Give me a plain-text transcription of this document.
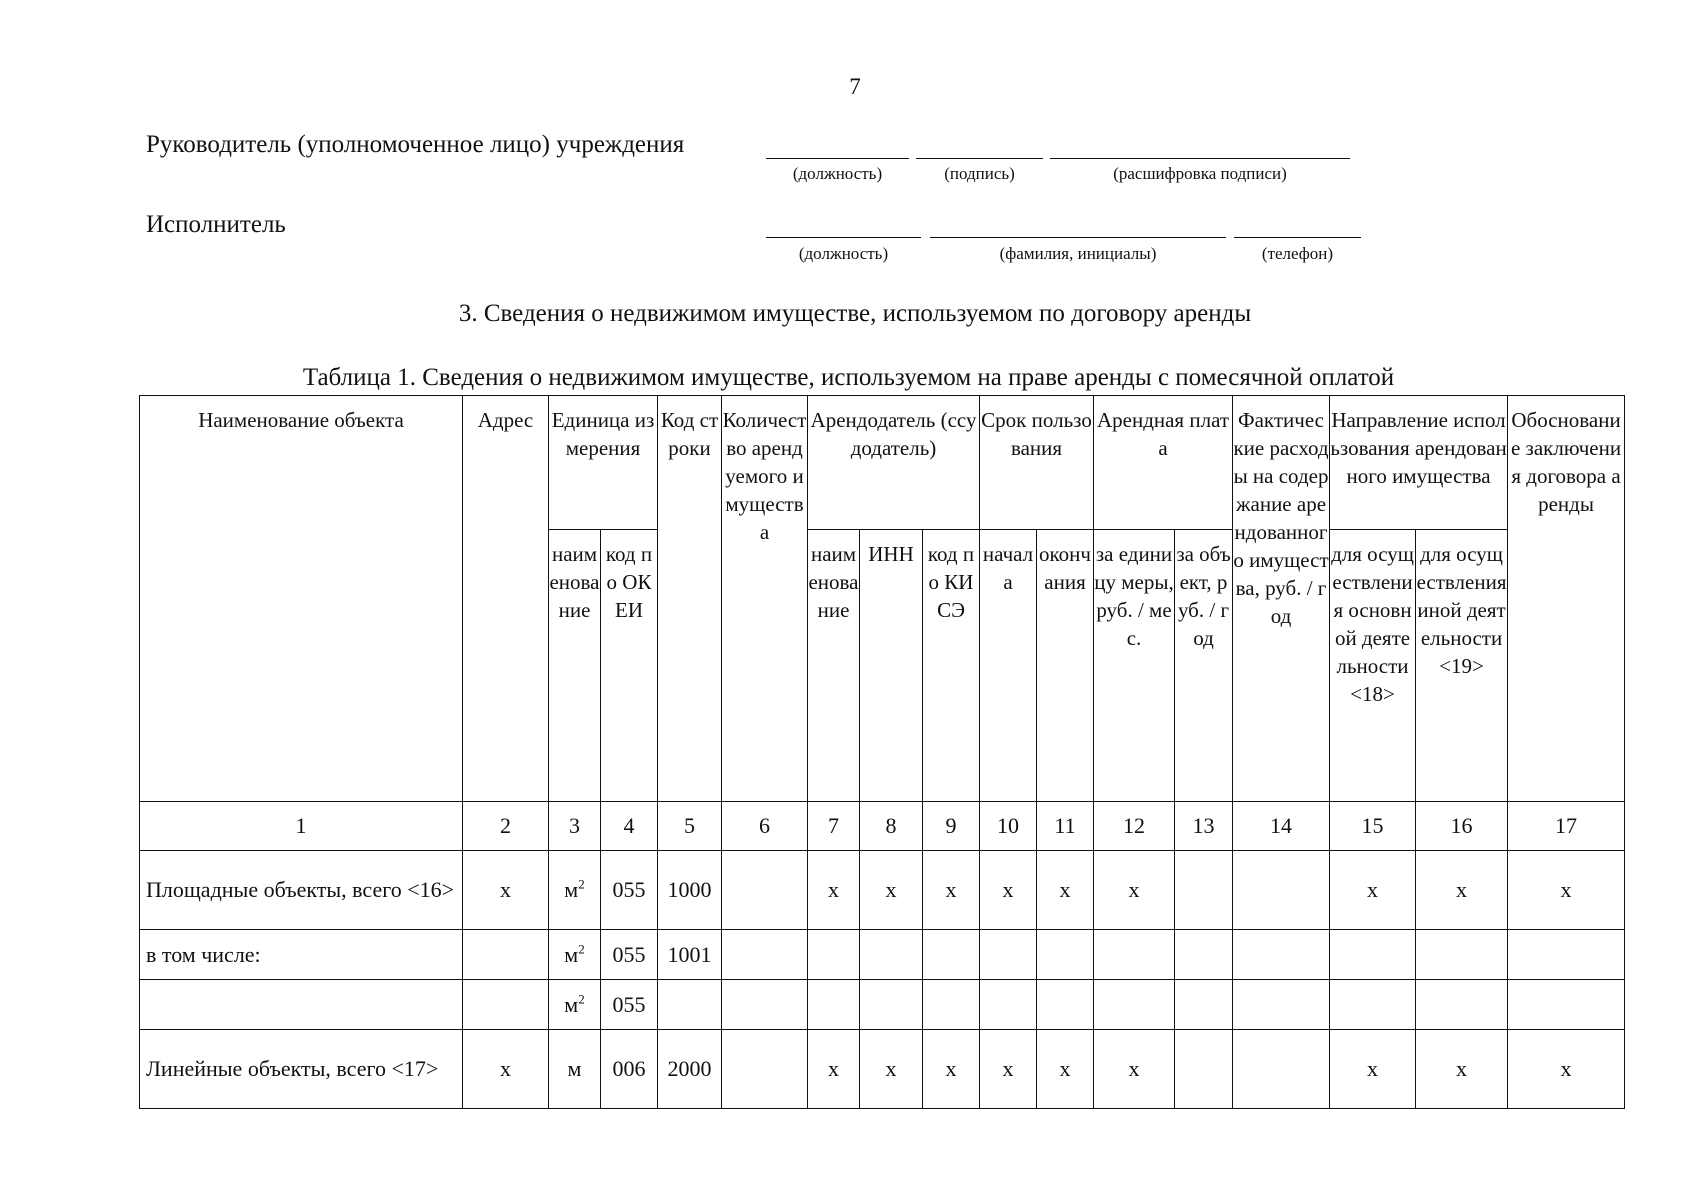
7
Руководитель (уполномоченное лицо) учреждения
(должность)	(подпись)	(расшифровка подписи)
Исполнитель
(должность)	(фамилия, инициалы)	(телефон)
3. Сведения о недвижимом имуществе, используемом по договору аренды
Таблица 1. Сведения о недвижимом имуществе, используемом на праве аренды с помесячной оплатой
Наименование объекта	Адрес	Единица измерения		Код строки	Количество арендуемого имущества	Арендодатель (ссудодатель)			Срок пользования		Арендная плата		Фактические расходы на содержание арендованного имущества, руб. / год	Направление использования арендованного имущества		Обоснование заключения договора аренды
		наименование	код по ОКЕИ			наименование	ИНН	код по КИСЭ	начала	окончания	за единицу меры, руб. / мес.	за объект, руб. / год		для осуществления основной деятельности <18>	для осуществления иной деятельности <19>	
1	2	3	4	5	6	7	8	9	10	11	12	13	14	15	16	17
Площадные объекты, всего <16>	x	$м^2$	055	1000		x	x	x	x	x	x			x	x	x
в том числе:		$м^2$	055	1001												
		$м^2$	055													
Линейные объекты, всего <17>	x	м	006	2000		x	x	x	x	x	x			x	x	x
